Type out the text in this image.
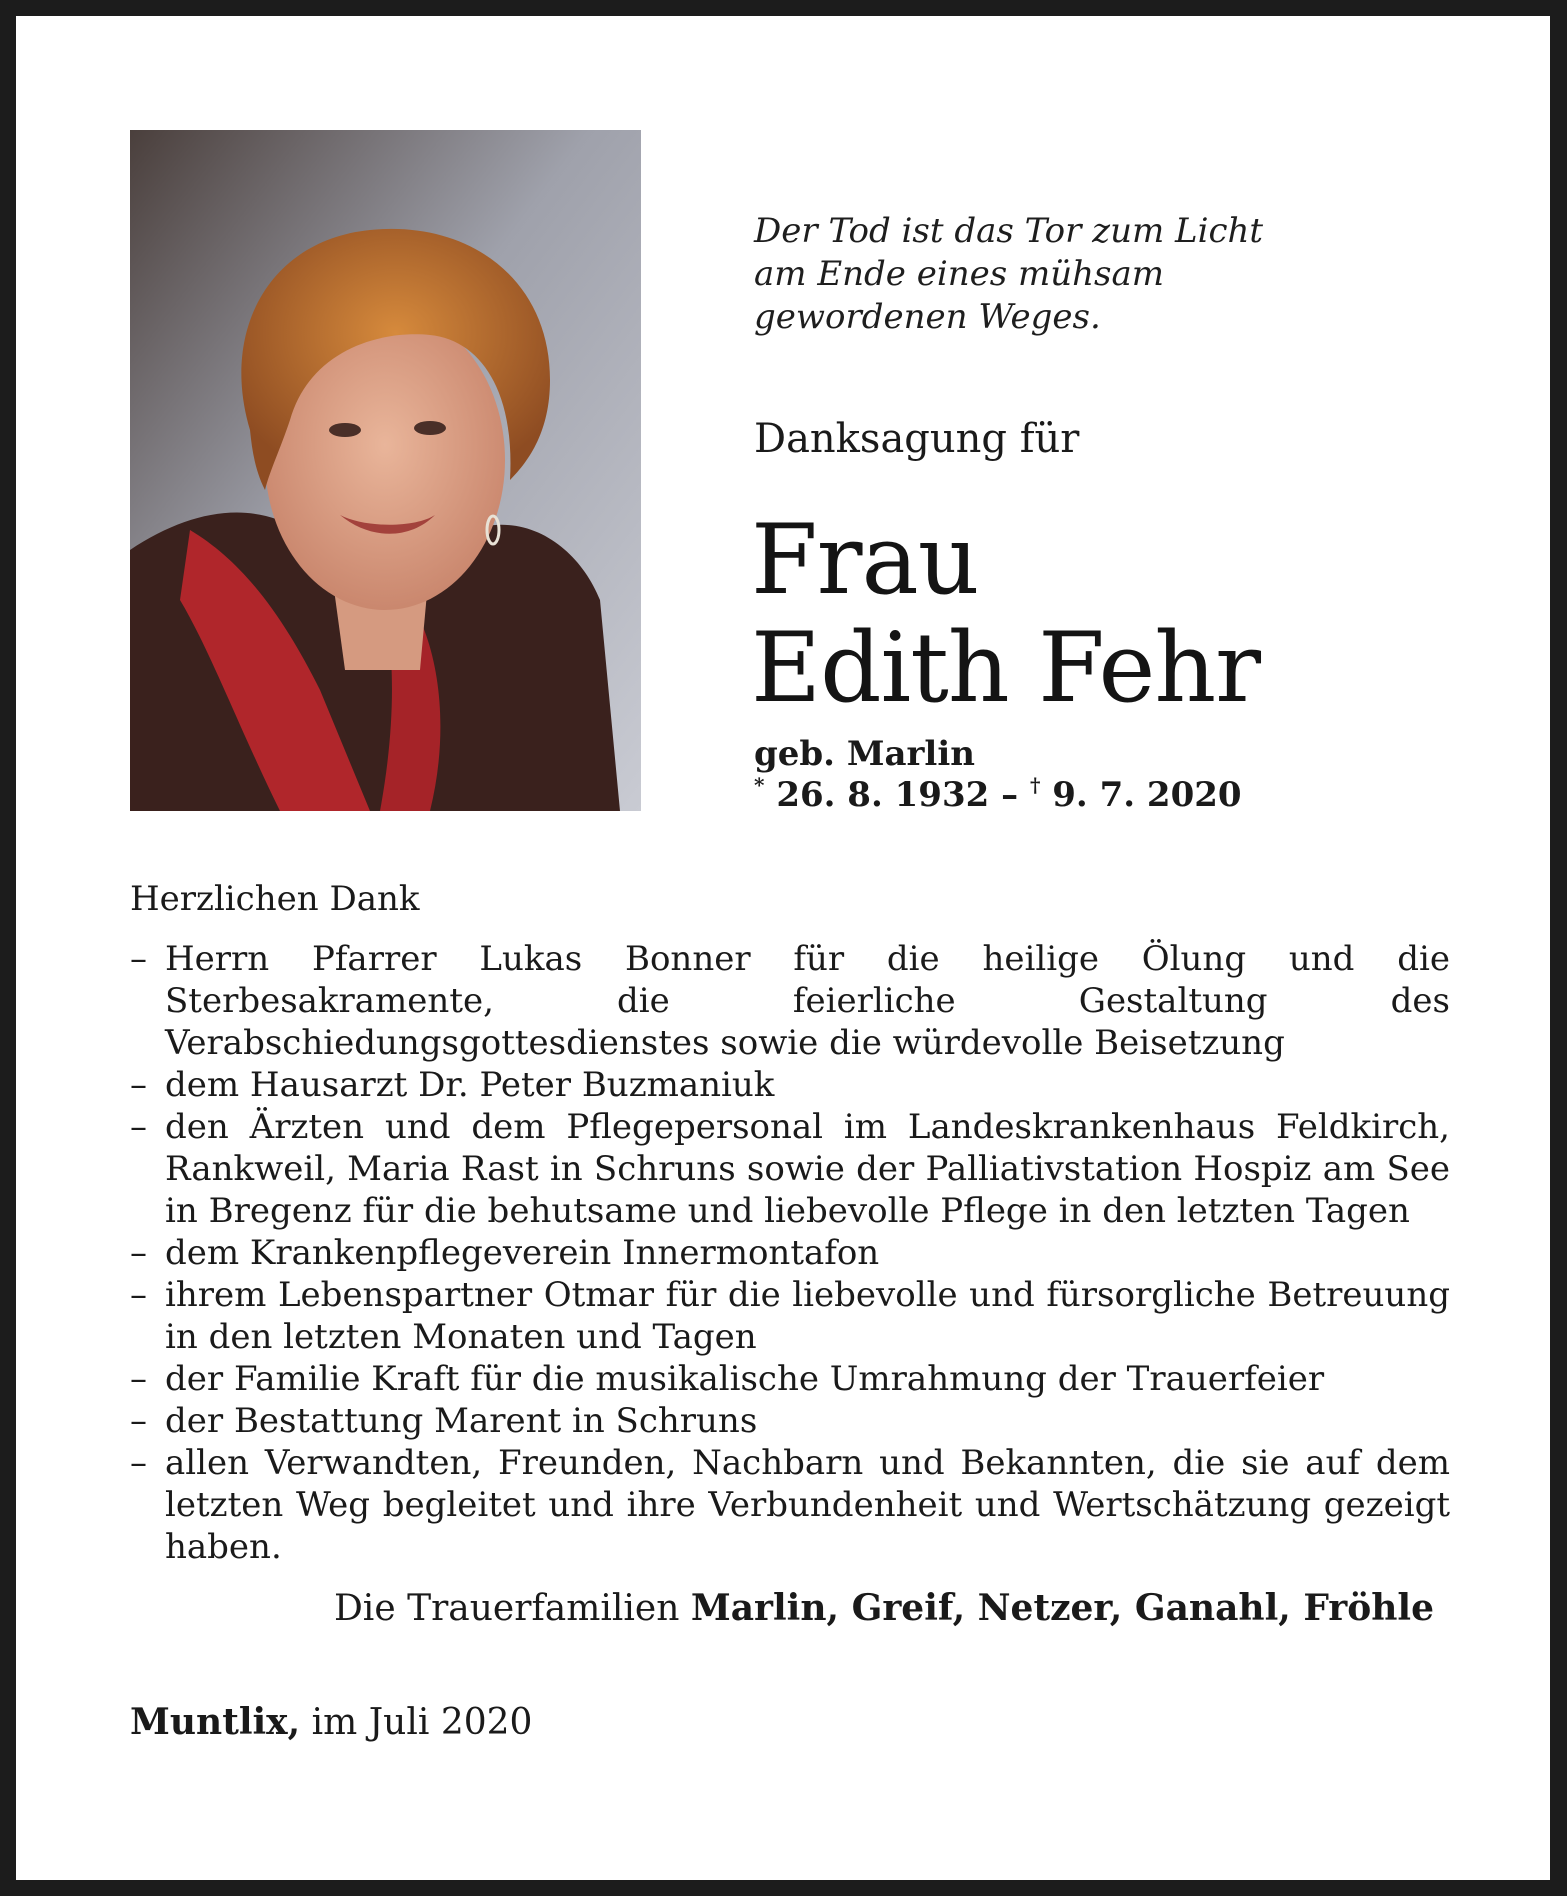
Der Tod ist das Tor zum Licht
am Ende eines mühsam
gewordenen Weges.
Danksagung für
Frau
Edith Fehr
geb. Marlin
* 26. 8. 1932 – † 9. 7. 2020
Herzlichen Dank
– Herrn Pfarrer Lukas Bonner für die heilige Ölung und die Sterbesakramente, die feierliche Gestaltung des Verabschiedungsgottesdienstes sowie die würdevolle Beisetzung
– dem Hausarzt Dr. Peter Buzmaniuk
– den Ärzten und dem Pflegepersonal im Landeskrankenhaus Feldkirch, Rankweil, Maria Rast in Schruns sowie der Palliativstation Hospiz am See in Bregenz für die behutsame und liebevolle Pflege in den letzten Tagen
– dem Krankenpflegeverein Innermontafon
– ihrem Lebenspartner Otmar für die liebevolle und fürsorgliche Betreuung in den letzten Monaten und Tagen
– der Familie Kraft für die musikalische Umrahmung der Trauerfeier
– der Bestattung Marent in Schruns
– allen Verwandten, Freunden, Nachbarn und Bekannten, die sie auf dem letzten Weg begleitet und ihre Verbundenheit und Wertschätzung gezeigt haben.
Die Trauerfamilien Marlin, Greif, Netzer, Ganahl, Fröhle
Muntlix, im Juli 2020
